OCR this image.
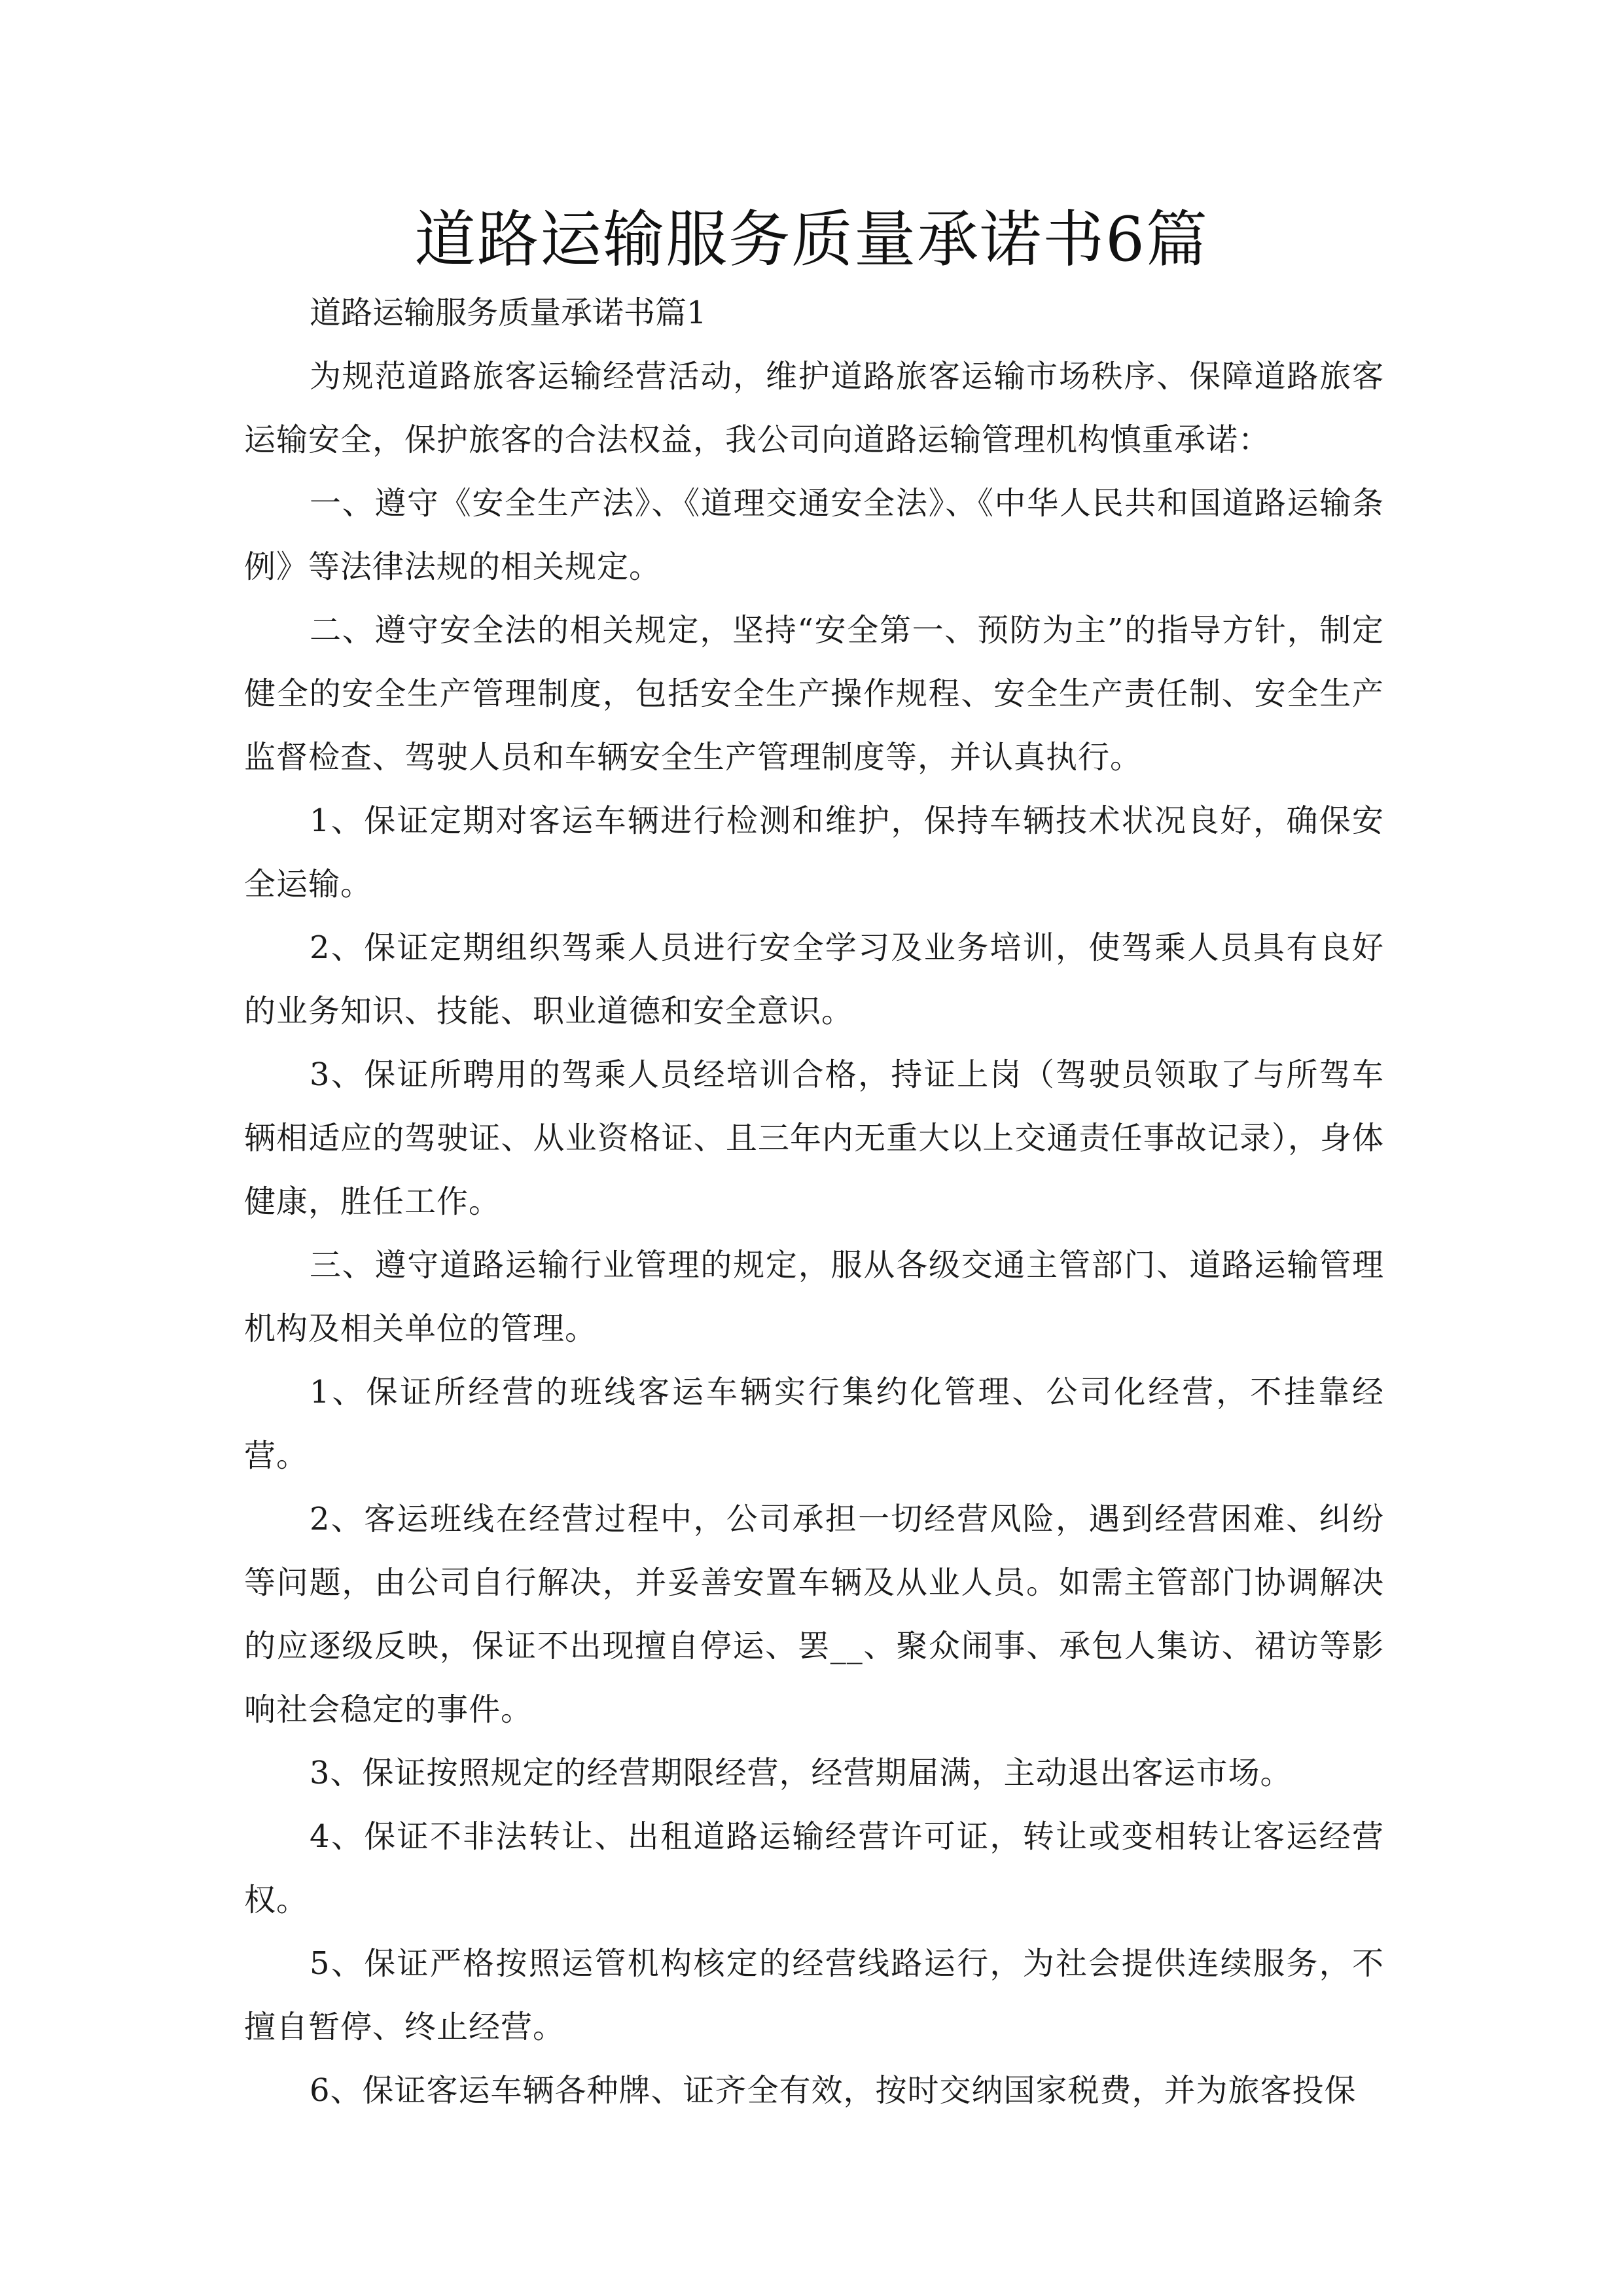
道路运输服务质量承诺书6篇

道路运输服务质量承诺书篇1

为规范道路旅客运输经营活动，维护道路旅客运输市场秩序、保障道路旅客运输安全，保护旅客的合法权益，我公司向道路运输管理机构慎重承诺：

一、遵守《安全生产法》、《道理交通安全法》、《中华人民共和国道路运输条例》等法律法规的相关规定。

二、遵守安全法的相关规定，坚持“安全第一、预防为主”的指导方针，制定健全的安全生产管理制度，包括安全生产操作规程、安全生产责任制、安全生产监督检查、驾驶人员和车辆安全生产管理制度等，并认真执行。

1、保证定期对客运车辆进行检测和维护，保持车辆技术状况良好，确保安全运输。

2、保证定期组织驾乘人员进行安全学习及业务培训，使驾乘人员具有良好的业务知识、技能、职业道德和安全意识。

3、保证所聘用的驾乘人员经培训合格，持证上岗（驾驶员领取了与所驾车辆相适应的驾驶证、从业资格证、且三年内无重大以上交通责任事故记录），身体健康，胜任工作。

三、遵守道路运输行业管理的规定，服从各级交通主管部门、道路运输管理机构及相关单位的管理。

1、保证所经营的班线客运车辆实行集约化管理、公司化经营，不挂靠经营。

2、客运班线在经营过程中，公司承担一切经营风险，遇到经营困难、纠纷等问题，由公司自行解决，并妥善安置车辆及从业人员。如需主管部门协调解决的应逐级反映，保证不出现擅自停运、罢__、聚众闹事、承包人集访、裙访等影响社会稳定的事件。

3、保证按照规定的经营期限经营，经营期届满，主动退出客运市场。

4、保证不非法转让、出租道路运输经营许可证，转让或变相转让客运经营权。

5、保证严格按照运管机构核定的经营线路运行，为社会提供连续服务，不擅自暂停、终止经营。

6、保证客运车辆各种牌、证齐全有效，按时交纳国家税费，并为旅客投保
